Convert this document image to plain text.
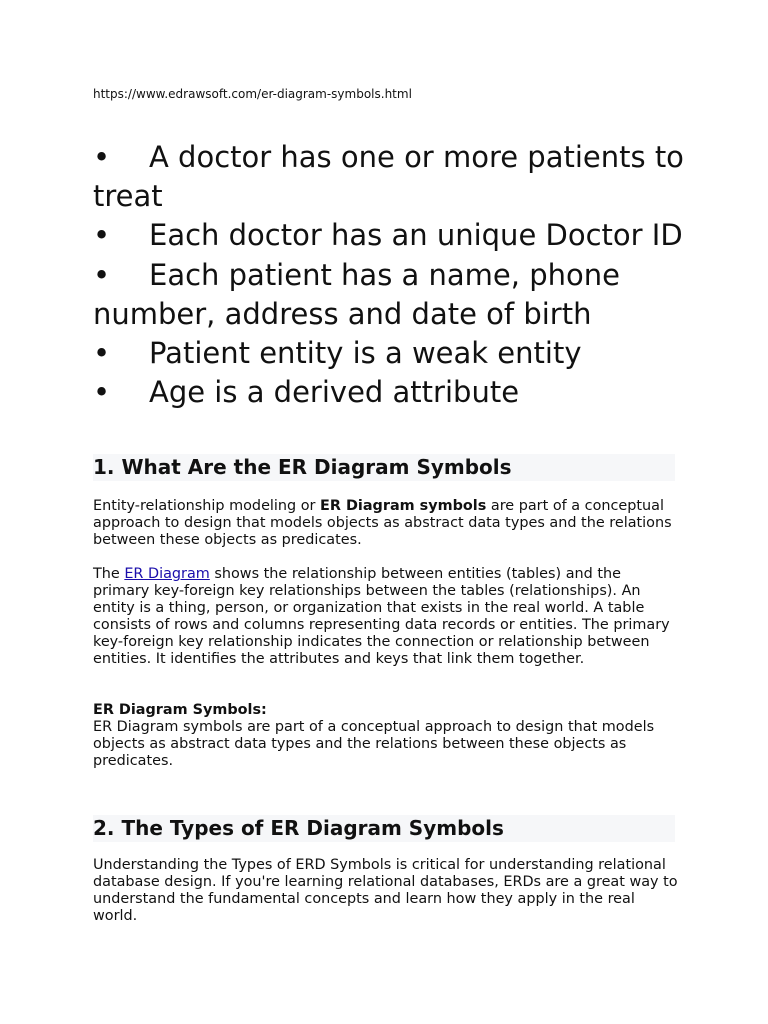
https://www.edrawsoft.com/er-diagram-symbols.html
• A doctor has one or more patients to treat
• Each doctor has an unique Doctor ID
• Each patient has a name, phone number, address and date of birth
• Patient entity is a weak entity
• Age is a derived attribute
1. What Are the ER Diagram Symbols

Entity-relationship modeling or ER Diagram symbols are part of a conceptual approach to design that models objects as abstract data types and the relations between these objects as predicates.

The ER Diagram shows the relationship between entities (tables) and the primary key-foreign key relationships between the tables (relationships). An entity is a thing, person, or organization that exists in the real world. A table consists of rows and columns representing data records or entities. The primary key-foreign key relationship indicates the connection or relationship between entities. It identifies the attributes and keys that link them together.

ER Diagram Symbols:
ER Diagram symbols are part of a conceptual approach to design that models objects as abstract data types and the relations between these objects as predicates.

2. The Types of ER Diagram Symbols

Understanding the Types of ERD Symbols is critical for understanding relational database design. If you're learning relational databases, ERDs are a great way to understand the fundamental concepts and learn how they apply in the real world.
